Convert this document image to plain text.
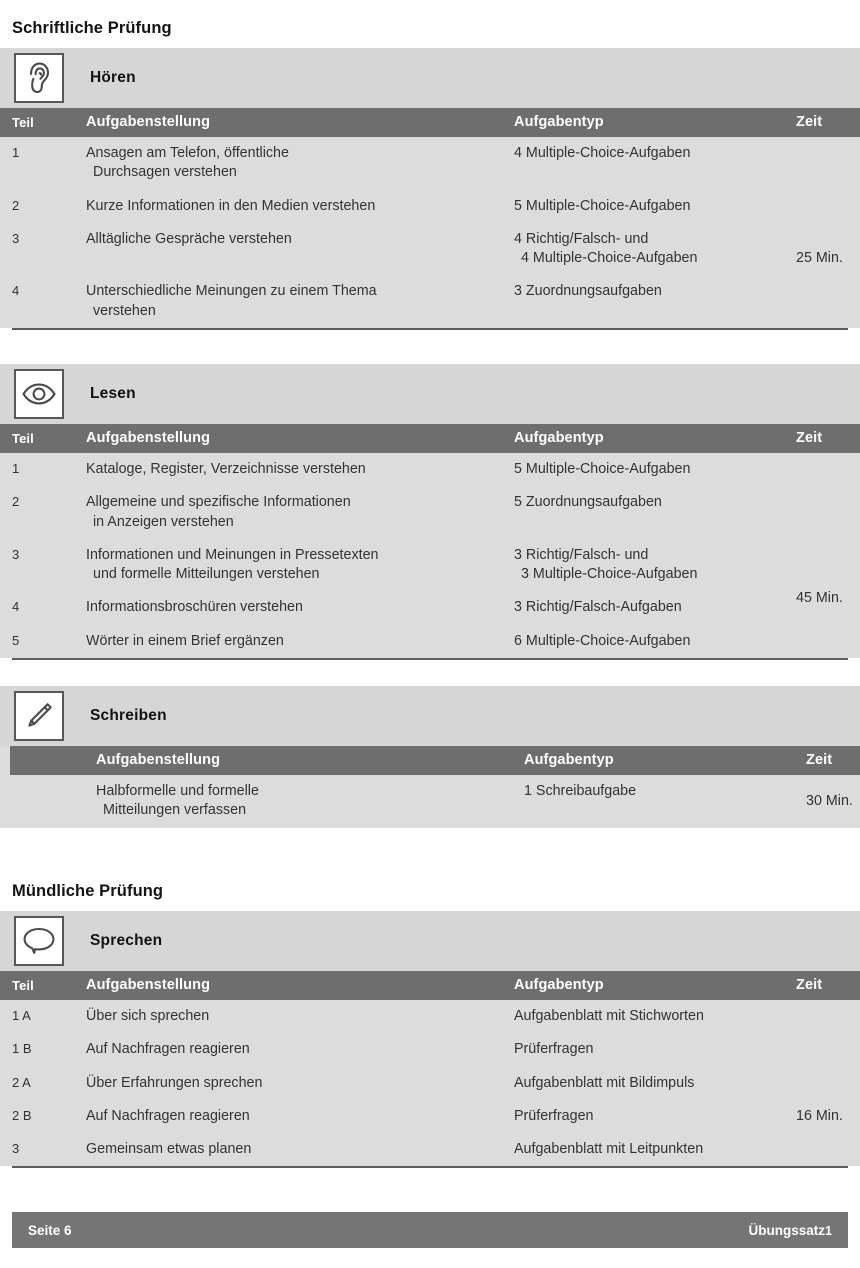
Schriftliche Prüfung
Hören
Teil	Aufgabenstellung	Aufgabentyp	Zeit
1	Ansagen am Telefon, öffentliche
Durchsagen verstehen	4 Multiple-Choice-Aufgaben	
2	Kurze Informationen in den Medien verstehen	5 Multiple-Choice-Aufgaben	25 Min.
3	Alltägliche Gespräche verstehen	4 Richtig/Falsch- und
4 Multiple-Choice-Aufgaben	

4	Unterschiedliche Meinungen zu einem Thema
verstehen	3 Zuordnungsaufgaben	
Lesen
Teil	Aufgabenstellung	Aufgabentyp	Zeit
1	Kataloge, Register, Verzeichnisse verstehen	5 Multiple-Choice-Aufgaben	
2	Allgemeine und spezifische Informationen
in Anzeigen verstehen	5 Zuordnungsaufgaben	
3	Informationen und Meinungen in Pressetexten
und formelle Mitteilungen verstehen	3 Richtig/Falsch- und
3 Multiple-Choice-Aufgaben	45 Min.
4	Informationsbroschüren verstehen	3 Richtig/Falsch-Aufgaben	
5	Wörter in einem Brief ergänzen	6 Multiple-Choice-Aufgaben	
Schreiben
	Aufgabenstellung	Aufgabentyp	Zeit
	Halbformelle und formelle
Mitteilungen verfassen	1 Schreibaufgabe	30 Min.
Mündliche Prüfung
Sprechen
Teil	Aufgabenstellung	Aufgabentyp	Zeit
1 A	Über sich sprechen	Aufgabenblatt mit Stichworten	
1 B	Auf Nachfragen reagieren	Prüferfragen	
2 A	Über Erfahrungen sprechen	Aufgabenblatt mit Bildimpuls	16 Min.
2 B	Auf Nachfragen reagieren	Prüferfragen	
3	Gemeinsam etwas planen	Aufgabenblatt mit Leitpunkten	
Seite 6	Übungssatz1
